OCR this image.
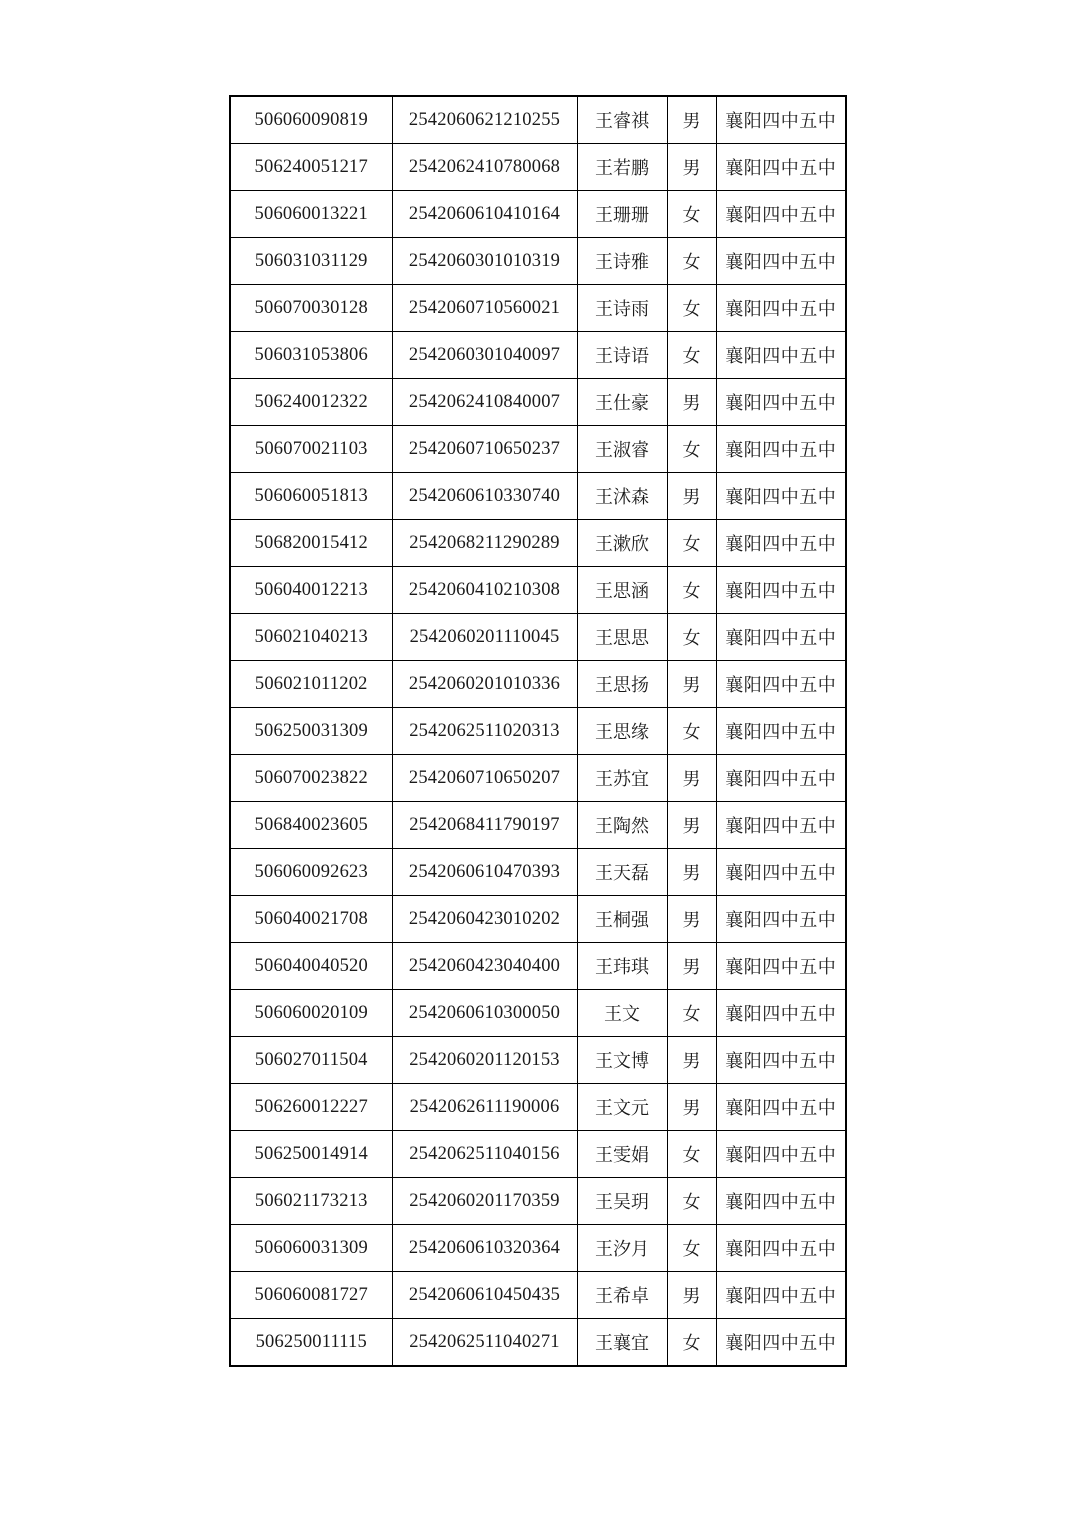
506060090819	2542060621210255	王睿祺	男	襄阳四中五中
506240051217	2542062410780068	王若鹏	男	襄阳四中五中
506060013221	2542060610410164	王珊珊	女	襄阳四中五中
506031031129	2542060301010319	王诗雅	女	襄阳四中五中
506070030128	2542060710560021	王诗雨	女	襄阳四中五中
506031053806	2542060301040097	王诗语	女	襄阳四中五中
506240012322	2542062410840007	王仕豪	男	襄阳四中五中
506070021103	2542060710650237	王淑睿	女	襄阳四中五中
506060051813	2542060610330740	王沭森	男	襄阳四中五中
506820015412	2542068211290289	王漱欣	女	襄阳四中五中
506040012213	2542060410210308	王思涵	女	襄阳四中五中
506021040213	2542060201110045	王思思	女	襄阳四中五中
506021011202	2542060201010336	王思扬	男	襄阳四中五中
506250031309	2542062511020313	王思缘	女	襄阳四中五中
506070023822	2542060710650207	王苏宜	男	襄阳四中五中
506840023605	2542068411790197	王陶然	男	襄阳四中五中
506060092623	2542060610470393	王天磊	男	襄阳四中五中
506040021708	2542060423010202	王桐强	男	襄阳四中五中
506040040520	2542060423040400	王玮琪	男	襄阳四中五中
506060020109	2542060610300050	王文	女	襄阳四中五中
506027011504	2542060201120153	王文博	男	襄阳四中五中
506260012227	2542062611190006	王文元	男	襄阳四中五中
506250014914	2542062511040156	王雯娟	女	襄阳四中五中
506021173213	2542060201170359	王吴玥	女	襄阳四中五中
506060031309	2542060610320364	王汐月	女	襄阳四中五中
506060081727	2542060610450435	王希卓	男	襄阳四中五中
506250011115	2542062511040271	王襄宜	女	襄阳四中五中
